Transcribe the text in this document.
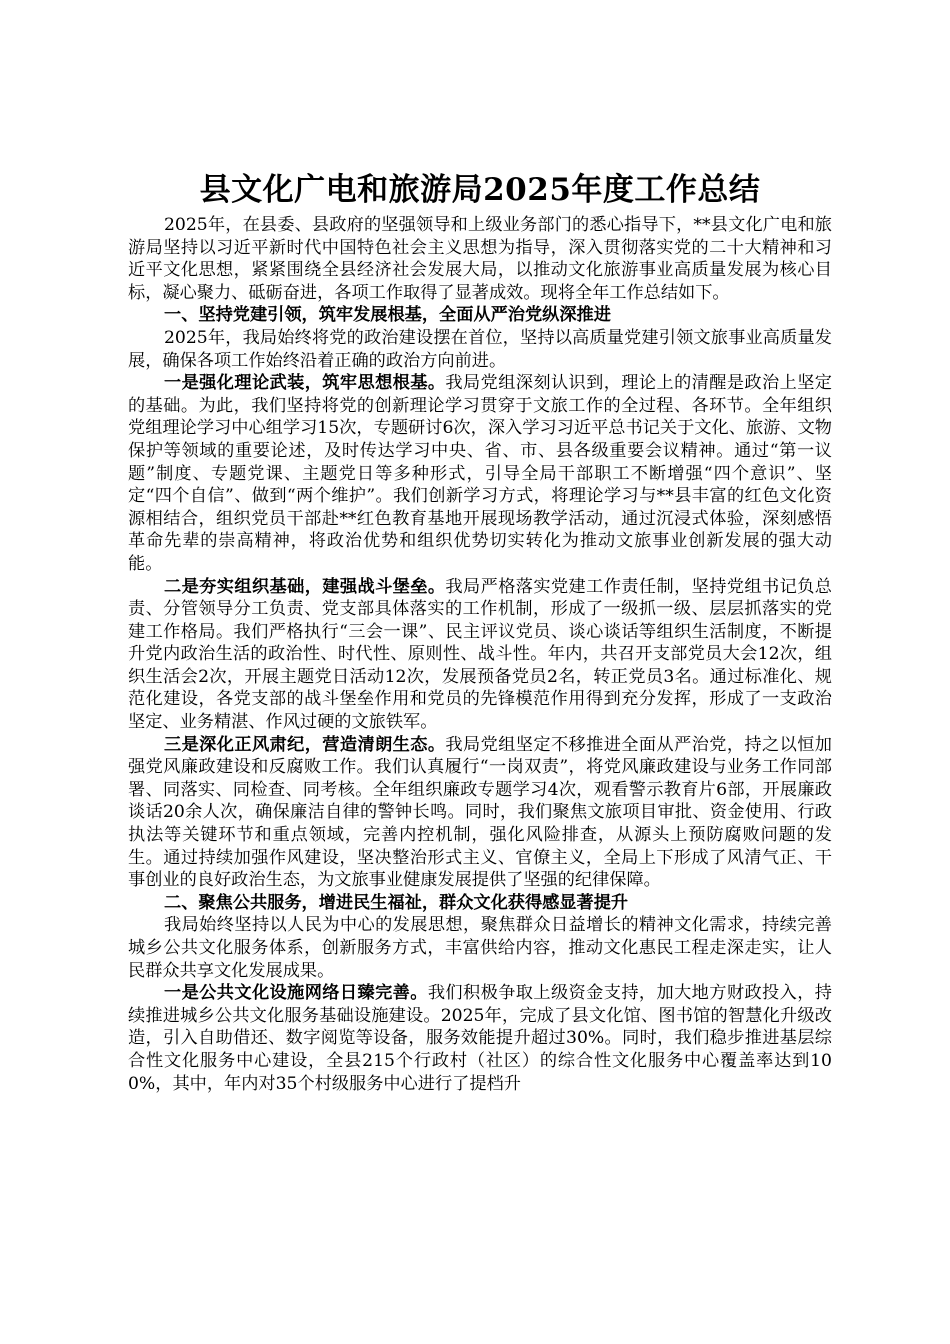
县文化广电和旅游局2025年度工作总结

2025年，在县委、县政府的坚强领导和上级业务部门的悉心指导下，**县文化广电和旅游局坚持以习近平新时代中国特色社会主义思想为指导，深入贯彻落实党的二十大精神和习近平文化思想，紧紧围绕全县经济社会发展大局，以推动文化旅游事业高质量发展为核心目标，凝心聚力、砥砺奋进，各项工作取得了显著成效。现将全年工作总结如下。

一、坚持党建引领，筑牢发展根基，全面从严治党纵深推进

2025年，我局始终将党的政治建设摆在首位，坚持以高质量党建引领文旅事业高质量发展，确保各项工作始终沿着正确的政治方向前进。

一是强化理论武装，筑牢思想根基。我局党组深刻认识到，理论上的清醒是政治上坚定的基础。为此，我们坚持将党的创新理论学习贯穿于文旅工作的全过程、各环节。全年组织党组理论学习中心组学习15次，专题研讨6次，深入学习习近平总书记关于文化、旅游、文物保护等领域的重要论述，及时传达学习中央、省、市、县各级重要会议精神。通过“第一议题”制度、专题党课、主题党日等多种形式，引导全局干部职工不断增强“四个意识”、坚定“四个自信”、做到“两个维护”。我们创新学习方式，将理论学习与**县丰富的红色文化资源相结合，组织党员干部赴**红色教育基地开展现场教学活动，通过沉浸式体验，深刻感悟革命先辈的崇高精神，将政治优势和组织优势切实转化为推动文旅事业创新发展的强大动能。

二是夯实组织基础，建强战斗堡垒。我局严格落实党建工作责任制，坚持党组书记负总责、分管领导分工负责、党支部具体落实的工作机制，形成了一级抓一级、层层抓落实的党建工作格局。我们严格执行“三会一课”、民主评议党员、谈心谈话等组织生活制度，不断提升党内政治生活的政治性、时代性、原则性、战斗性。年内，共召开支部党员大会12次，组织生活会2次，开展主题党日活动12次，发展预备党员2名，转正党员3名。通过标准化、规范化建设，各党支部的战斗堡垒作用和党员的先锋模范作用得到充分发挥，形成了一支政治坚定、业务精湛、作风过硬的文旅铁军。

三是深化正风肃纪，营造清朗生态。我局党组坚定不移推进全面从严治党，持之以恒加强党风廉政建设和反腐败工作。我们认真履行“一岗双责”，将党风廉政建设与业务工作同部署、同落实、同检查、同考核。全年组织廉政专题学习4次，观看警示教育片6部，开展廉政谈话20余人次，确保廉洁自律的警钟长鸣。同时，我们聚焦文旅项目审批、资金使用、行政执法等关键环节和重点领域，完善内控机制，强化风险排查，从源头上预防腐败问题的发生。通过持续加强作风建设，坚决整治形式主义、官僚主义，全局上下形成了风清气正、干事创业的良好政治生态，为文旅事业健康发展提供了坚强的纪律保障。

二、聚焦公共服务，增进民生福祉，群众文化获得感显著提升

我局始终坚持以人民为中心的发展思想，聚焦群众日益增长的精神文化需求，持续完善城乡公共文化服务体系，创新服务方式，丰富供给内容，推动文化惠民工程走深走实，让人民群众共享文化发展成果。

一是公共文化设施网络日臻完善。我们积极争取上级资金支持，加大地方财政投入，持续推进城乡公共文化服务基础设施建设。2025年，完成了县文化馆、图书馆的智慧化升级改造，引入自助借还、数字阅览等设备，服务效能提升超过30%。同时，我们稳步推进基层综合性文化服务中心建设，全县215个行政村（社区）的综合性文化服务中心覆盖率达到100%，其中，年内对35个村级服务中心进行了提档升
